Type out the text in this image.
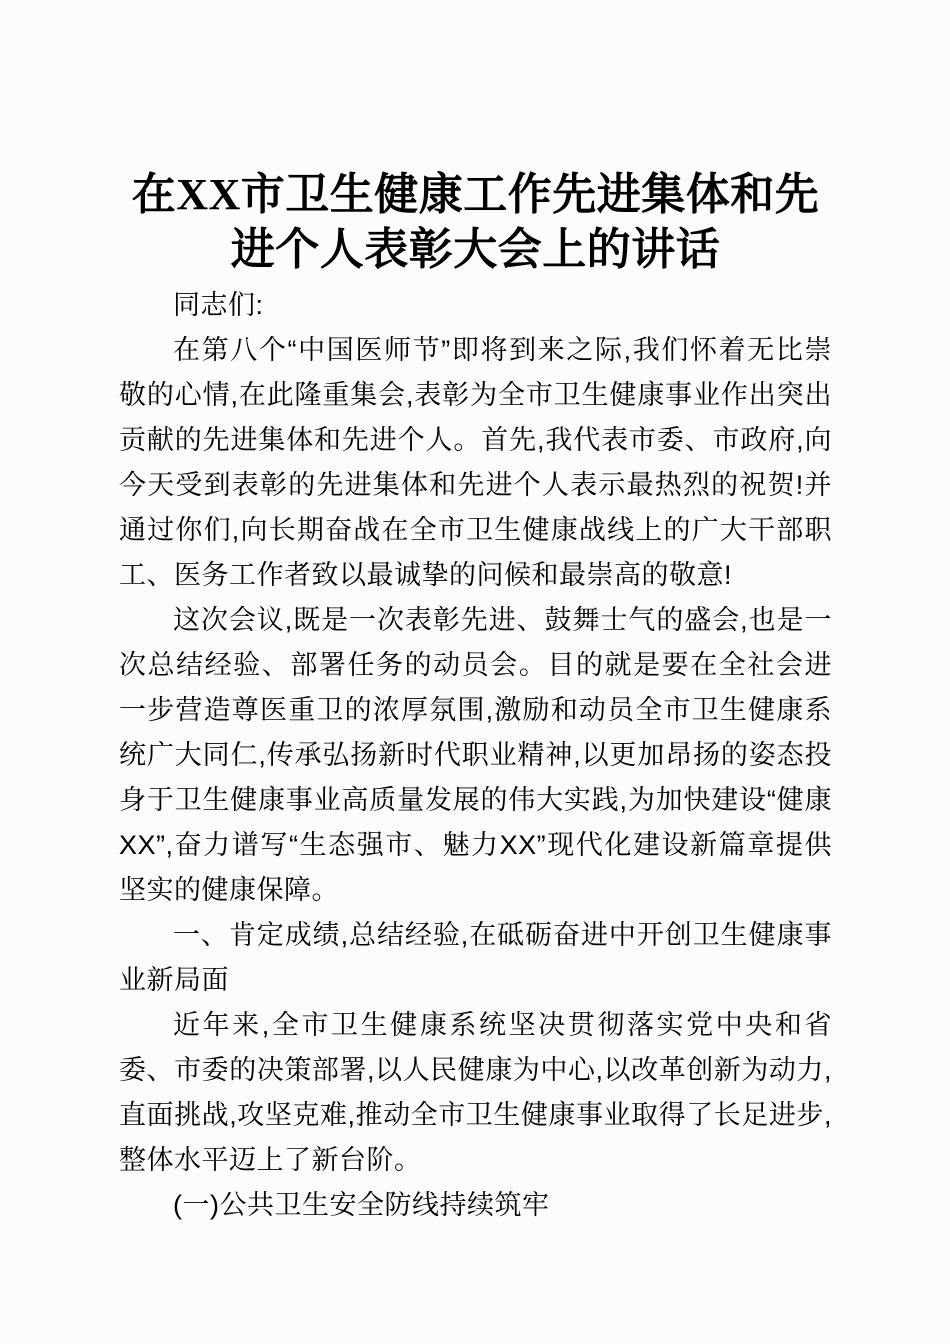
在XX市卫生健康工作先进集体和先进个人表彰大会上的讲话

同志们:

在第八个“中国医师节”即将到来之际,我们怀着无比崇敬的心情,在此隆重集会,表彰为全市卫生健康事业作出突出贡献的先进集体和先进个人。首先,我代表市委、市政府,向今天受到表彰的先进集体和先进个人表示最热烈的祝贺!并通过你们,向长期奋战在全市卫生健康战线上的广大干部职工、医务工作者致以最诚挚的问候和最崇高的敬意!

这次会议,既是一次表彰先进、鼓舞士气的盛会,也是一次总结经验、部署任务的动员会。目的就是要在全社会进一步营造尊医重卫的浓厚氛围,激励和动员全市卫生健康系统广大同仁,传承弘扬新时代职业精神,以更加昂扬的姿态投身于卫生健康事业高质量发展的伟大实践,为加快建设“健康XX”,奋力谱写“生态强市、魅力XX”现代化建设新篇章提供坚实的健康保障。

一、肯定成绩,总结经验,在砥砺奋进中开创卫生健康事业新局面

近年来,全市卫生健康系统坚决贯彻落实党中央和省委、市委的决策部署,以人民健康为中心,以改革创新为动力,直面挑战,攻坚克难,推动全市卫生健康事业取得了长足进步,整体水平迈上了新台阶。

(一)公共卫生安全防线持续筑牢
